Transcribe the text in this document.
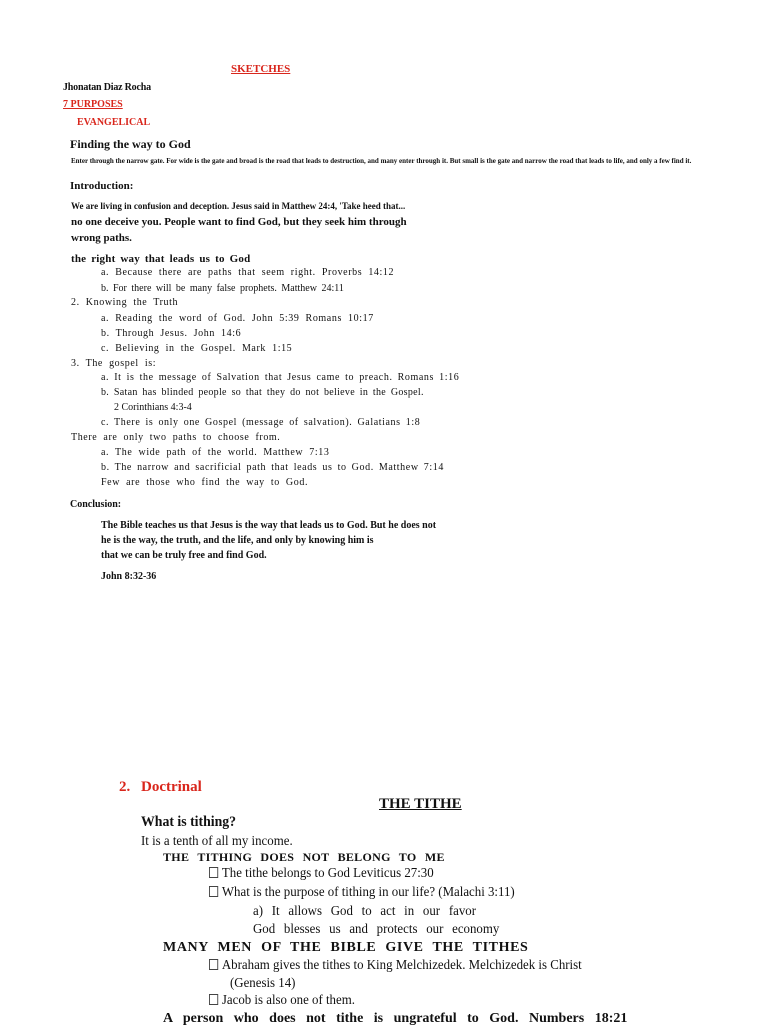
SKETCHES
Jhonatan Diaz Rocha
7 PURPOSES
EVANGELICAL
Finding the way to God
Enter through the narrow gate. For wide is the gate and broad is the road that leads to destruction, and many enter through it. But small is the gate and narrow the road that leads to life, and only a few find it.
Introduction:
We are living in confusion and deception. Jesus said in Matthew 24:4, 'Take heed that...
no one deceive you. People want to find God, but they seek him through
wrong paths.
the right way that leads us to God
a. Because there are paths that seem right. Proverbs 14:12
b. For there will be many false prophets. Matthew 24:11
2. Knowing the Truth
a. Reading the word of God. John 5:39 Romans 10:17
b. Through Jesus. John 14:6
c. Believing in the Gospel. Mark 1:15
3. The gospel is:
a. It is the message of Salvation that Jesus came to preach. Romans 1:16
b. Satan has blinded people so that they do not believe in the Gospel.
2 Corinthians 4:3-4
c. There is only one Gospel (message of salvation). Galatians 1:8
There are only two paths to choose from.
a. The wide path of the world. Matthew 7:13
b. The narrow and sacrificial path that leads us to God. Matthew 7:14
Few are those who find the way to God.
Conclusion:
The Bible teaches us that Jesus is the way that leads us to God. But he does not
he is the way, the truth, and the life, and only by knowing him is
that we can be truly free and find God.
John 8:32-36
2. Doctrinal
THE TITHE
What is tithing?
It is a tenth of all my income.
THE TITHING DOES NOT BELONG TO ME
The tithe belongs to God Leviticus 27:30
What is the purpose of tithing in our life? (Malachi 3:11)
a) It allows God to act in our favor
God blesses us and protects our economy
MANY MEN OF THE BIBLE GIVE THE TITHES
Abraham gives the tithes to King Melchizedek. Melchizedek is Christ
(Genesis 14)
Jacob is also one of them.
A person who does not tithe is ungrateful to God. Numbers 18:21
